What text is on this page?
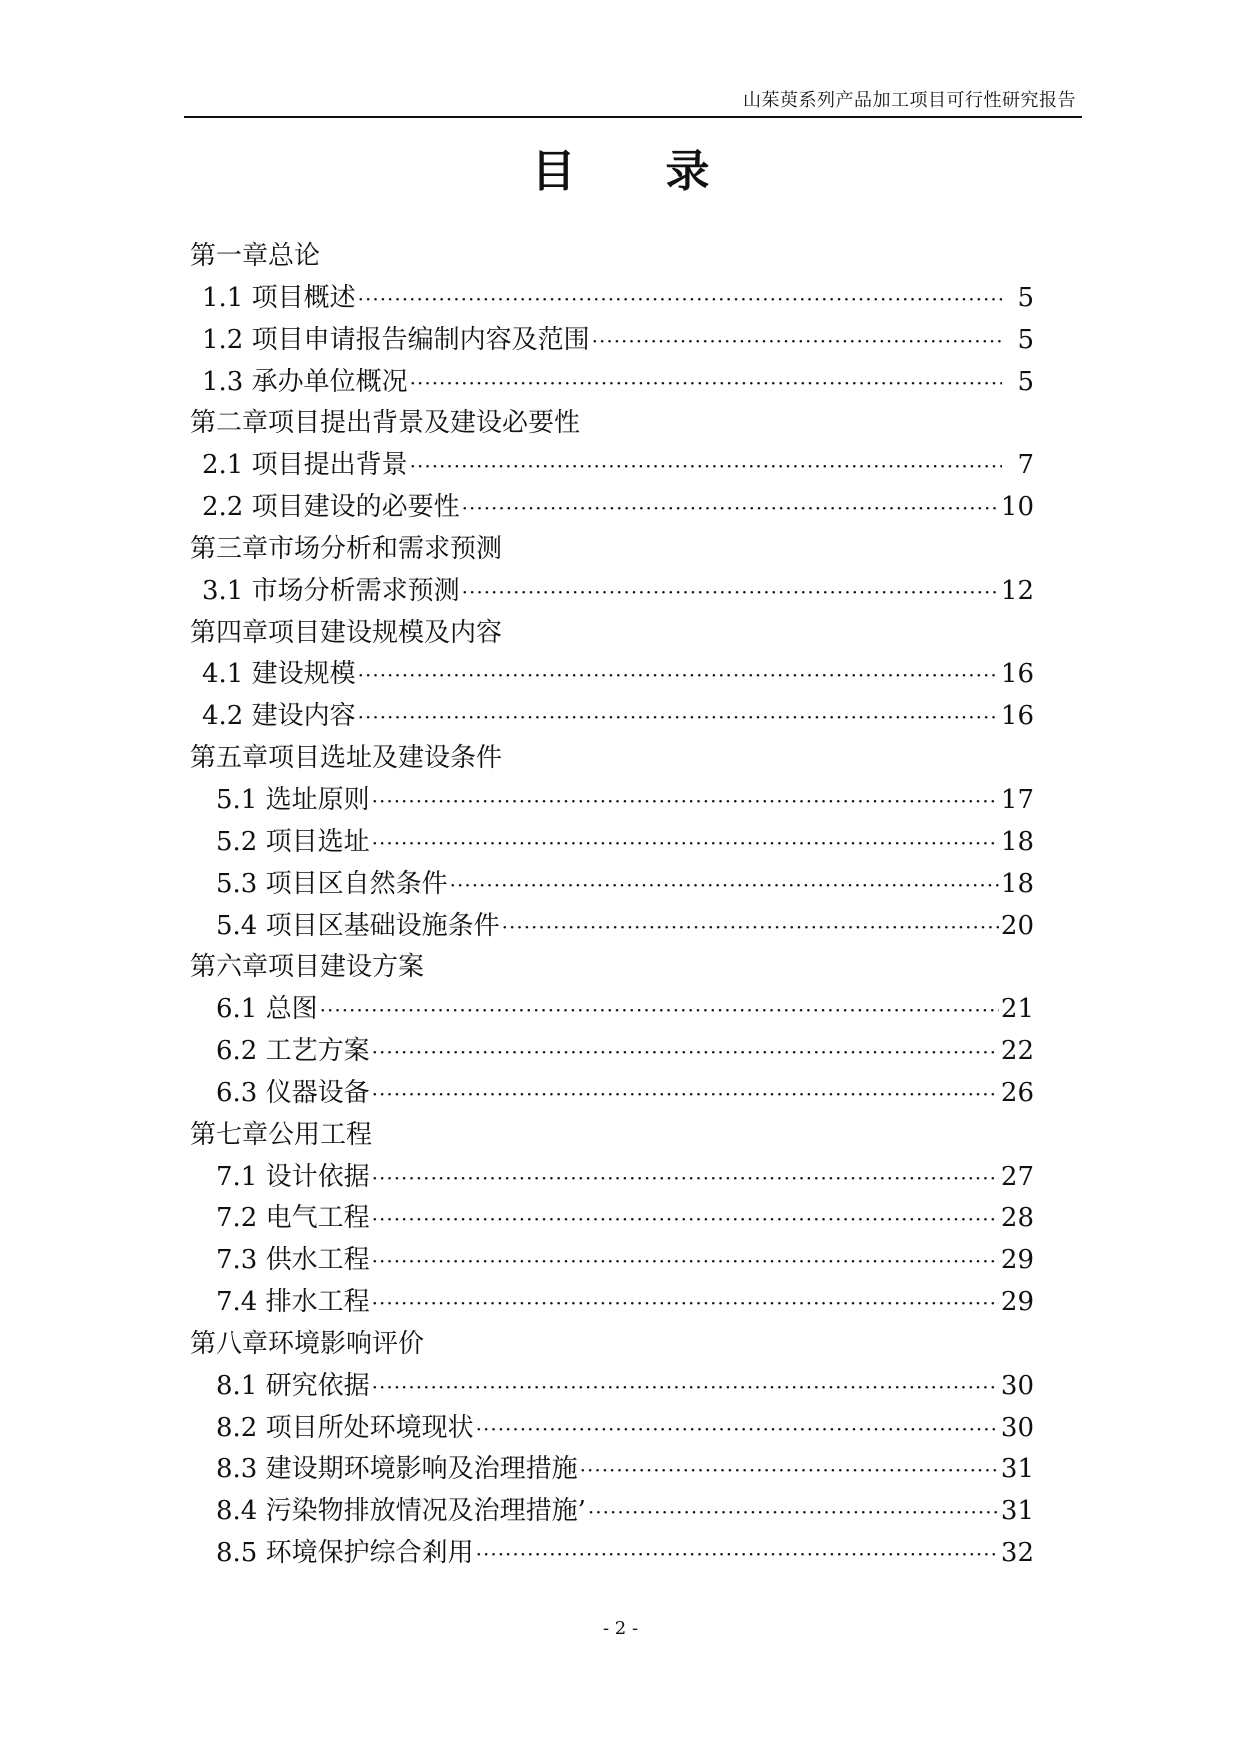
山茱萸系列产品加工项目可行性研究报告
目 录
第一章总论
1.1 项目概述 ·····	5
1.2 项目申请报告编制内容及范围 ·····	5
1.3 承办单位概况 ·····	5
第二章项目提出背景及建设必要性
2.1 项目提出背景 ·····	7
2.2 项目建设的必要性 ·····	10
第三章市场分析和需求预测
3.1 市场分析需求预测 ·····	12
第四章项目建设规模及内容
4.1 建设规模 ·····	16
4.2 建设内容 ·····	16
第五章项目选址及建设条件
5.1 选址原则 ·····	17
5.2 项目选址 ·····	18
5.3 项目区自然条件 ·····	18
5.4 项目区基础设施条件 ·····	20
第六章项目建设方案
6.1 总图 ·····	21
6.2 工艺方案 ·····	22
6.3 仪器设备 ·····	26
第七章公用工程
7.1 设计依据 ·····	27
7.2 电气工程 ·····	28
7.3 供水工程 ·····	29
7.4 排水工程 ·····	29
第八章环境影响评价
8.1 研究依据 ·····	30
8.2 项目所处环境现状 ·····	30
8.3 建设期环境影响及治理措施 ·····	31
8.4 污染物排放情况及治理措施’ ·····	31
8.5 环境保护综合剎用 ·····	32
- 2 -
